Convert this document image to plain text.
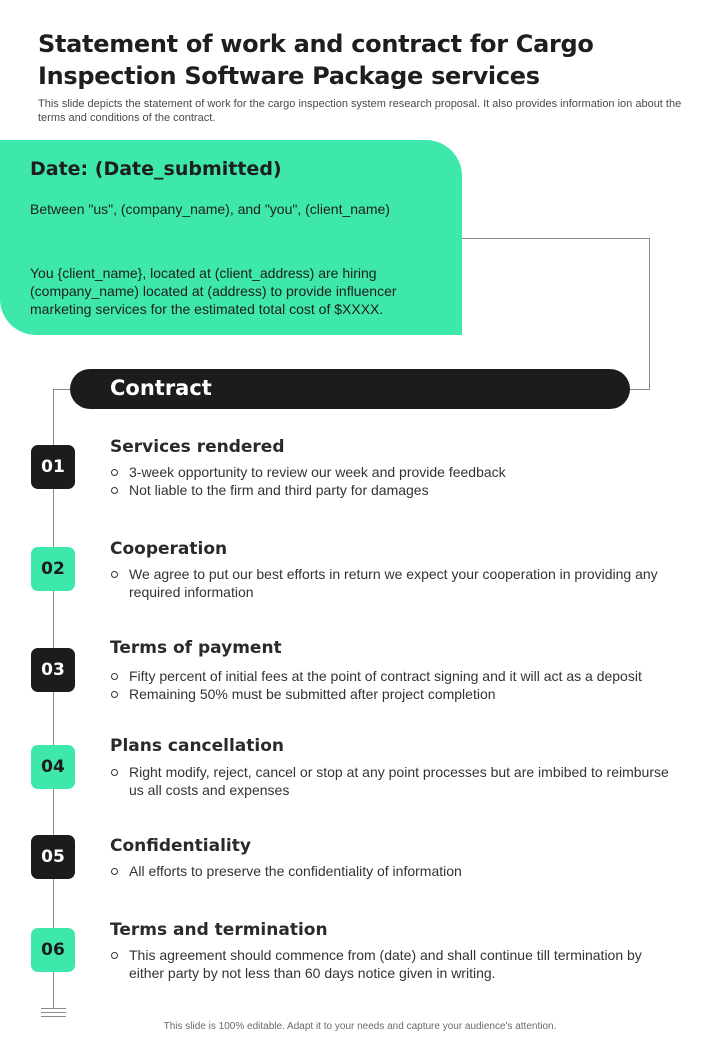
Statement of work and contract for Cargo Inspection Software Package services
This slide depicts the statement of work for the cargo inspection system research proposal. It also provides information ion about the terms and conditions of the contract.
Date: (Date_submitted)
Between "us", (company_name), and "you", (client_name)
You {client_name}, located at (client_address) are hiring (company_name) located at (address) to provide influencer marketing services for the estimated total cost of $XXXX.
Contract
01
Services rendered
3-week opportunity to review our week and provide feedback
Not liable to the firm and third party for damages
02
Cooperation
We agree to put our best efforts in return we expect your cooperation in providing any required information
03
Terms of payment
Fifty percent of initial fees at the point of contract signing and it will act as a deposit
Remaining 50% must be submitted after project completion
04
Plans cancellation
Right modify, reject, cancel or stop at any point processes but are imbibed to reimburse us all costs and expenses
05
Confidentiality
All efforts to preserve the confidentiality of information
06
Terms and termination
This agreement should commence from (date) and shall continue till termination by either party by not less than 60 days notice given in writing.
This slide is 100% editable. Adapt it to your needs and capture your audience's attention.
